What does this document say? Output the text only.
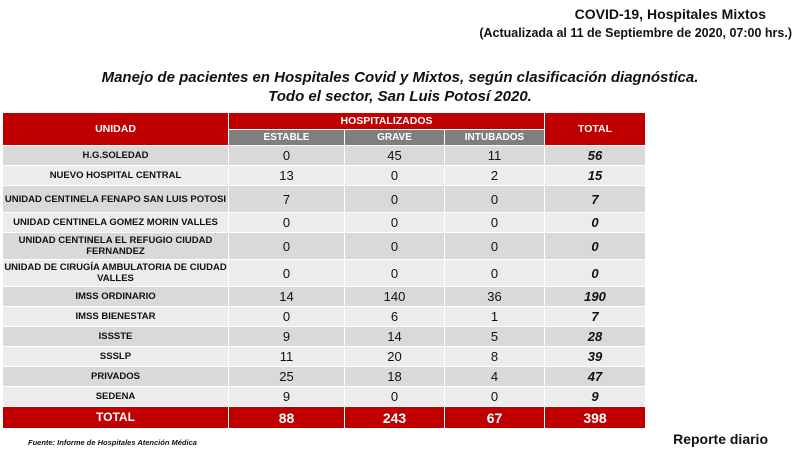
COVID-19, Hospitales Mixtos
(Actualizada al 11 de Septiembre de 2020, 07:00 hrs.)
Manejo de pacientes en Hospitales Covid y Mixtos, según clasificación diagnóstica.
Todo el sector, San Luis Potosí 2020.
UNIDAD	HOSPITALIZADOS			TOTAL
	ESTABLE	GRAVE	INTUBADOS	
H.G.SOLEDAD	0	45	11	56
NUEVO HOSPITAL CENTRAL	13	0	2	15
UNIDAD CENTINELA FENAPO SAN LUIS POTOSI	7	0	0	7
UNIDAD CENTINELA GOMEZ MORIN VALLES	0	0	0	0
UNIDAD CENTINELA EL REFUGIO CIUDAD FERNANDEZ	0	0	0	0
UNIDAD DE CIRUGÍA AMBULATORIA DE CIUDAD VALLES	0	0	0	0
IMSS ORDINARIO	14	140	36	190
IMSS BIENESTAR	0	6	1	7
ISSSTE	9	14	5	28
SSSLP	11	20	8	39
PRIVADOS	25	18	4	47
SEDENA	9	0	0	9
TOTAL	88	243	67	398
Fuente: Informe de Hospitales Atención Médica	Reporte diario
